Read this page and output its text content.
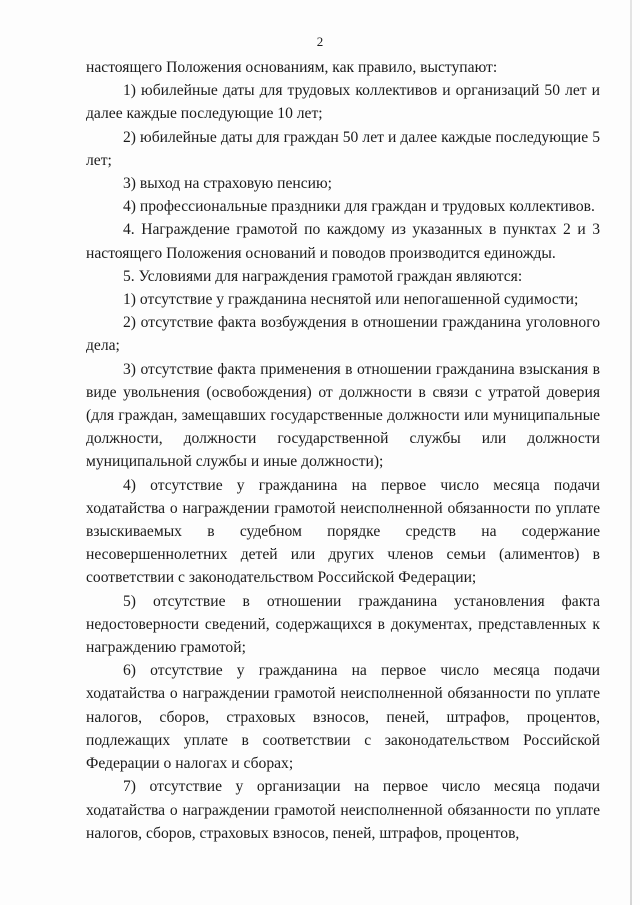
2

настоящего Положения основаниям, как правило, выступают:

1) юбилейные даты для трудовых коллективов и организаций 50 лет и далее каждые последующие 10 лет;

2) юбилейные даты для граждан 50 лет и далее каждые последующие 5 лет;

3) выход на страховую пенсию;

4) профессиональные праздники для граждан и трудовых коллективов.

4. Награждение грамотой по каждому из указанных в пунктах 2 и 3 настоящего Положения оснований и поводов производится единожды.

5. Условиями для награждения грамотой граждан являются:

1) отсутствие у гражданина неснятой или непогашенной судимости;

2) отсутствие факта возбуждения в отношении гражданина уголовного дела;

3) отсутствие факта применения в отношении гражданина взыскания в виде увольнения (освобождения) от должности в связи с утратой доверия (для граждан, замещавших государственные должности или муниципальные должности, должности государственной службы или должности муниципальной службы и иные должности);

4) отсутствие у гражданина на первое число месяца подачи ходатайства о награждении грамотой неисполненной обязанности по уплате взыскиваемых в судебном порядке средств на содержание несовершеннолетних детей или других членов семьи (алиментов) в соответствии с законодательством Российской Федерации;

5) отсутствие в отношении гражданина установления факта недостоверности сведений, содержащихся в документах, представленных к награждению грамотой;

6) отсутствие у гражданина на первое число месяца подачи ходатайства о награждении грамотой неисполненной обязанности по уплате налогов, сборов, страховых взносов, пеней, штрафов, процентов, подлежащих уплате в соответствии с законодательством Российской Федерации о налогах и сборах;

7) отсутствие у организации на первое число месяца подачи ходатайства о награждении грамотой неисполненной обязанности по уплате налогов, сборов, страховых взносов, пеней, штрафов, процентов,
